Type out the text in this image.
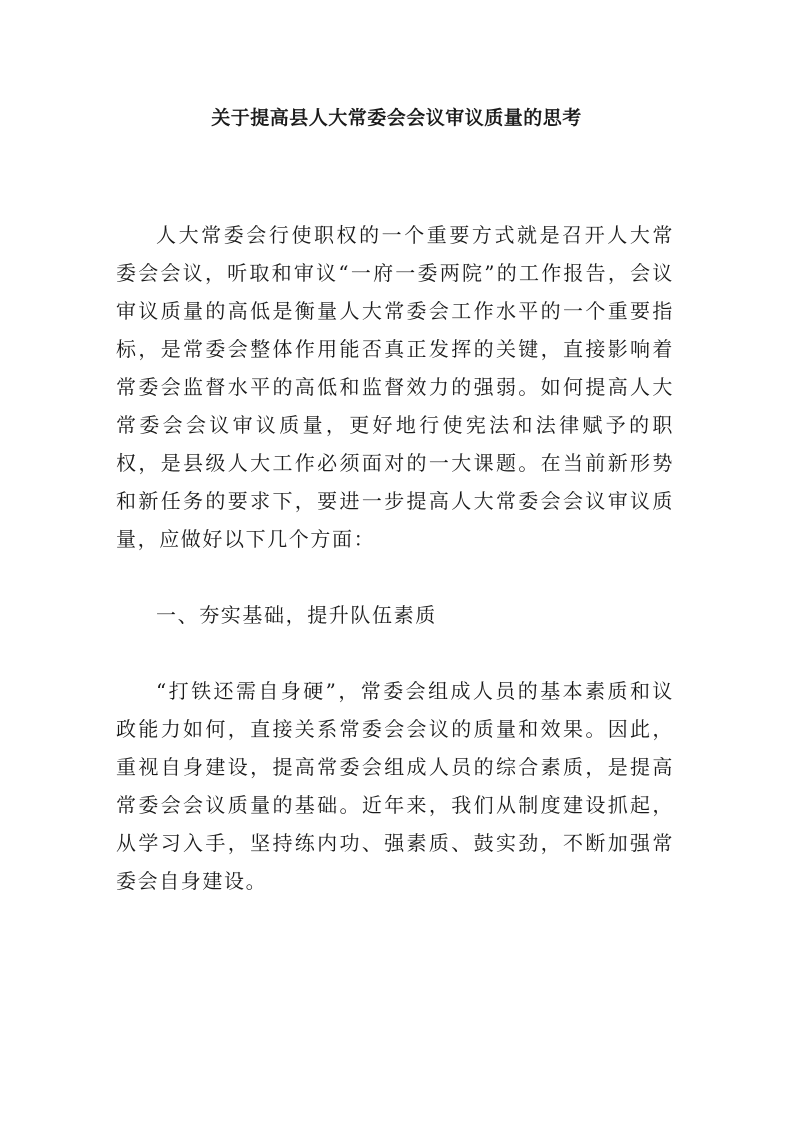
关于提高县人大常委会会议审议质量的思考

人大常委会行使职权的一个重要方式就是召开人大常委会会议，听取和审议“一府一委两院”的工作报告，会议审议质量的高低是衡量人大常委会工作水平的一个重要指标，是常委会整体作用能否真正发挥的关键，直接影响着常委会监督水平的高低和监督效力的强弱。如何提高人大常委会会议审议质量，更好地行使宪法和法律赋予的职权，是县级人大工作必须面对的一大课题。在当前新形势和新任务的要求下，要进一步提高人大常委会会议审议质量，应做好以下几个方面：

一、夯实基础，提升队伍素质

“打铁还需自身硬”，常委会组成人员的基本素质和议政能力如何，直接关系常委会会议的质量和效果。因此，重视自身建设，提高常委会组成人员的综合素质，是提高常委会会议质量的基础。近年来，我们从制度建设抓起，从学习入手，坚持练内功、强素质、鼓实劲，不断加强常委会自身建设。
